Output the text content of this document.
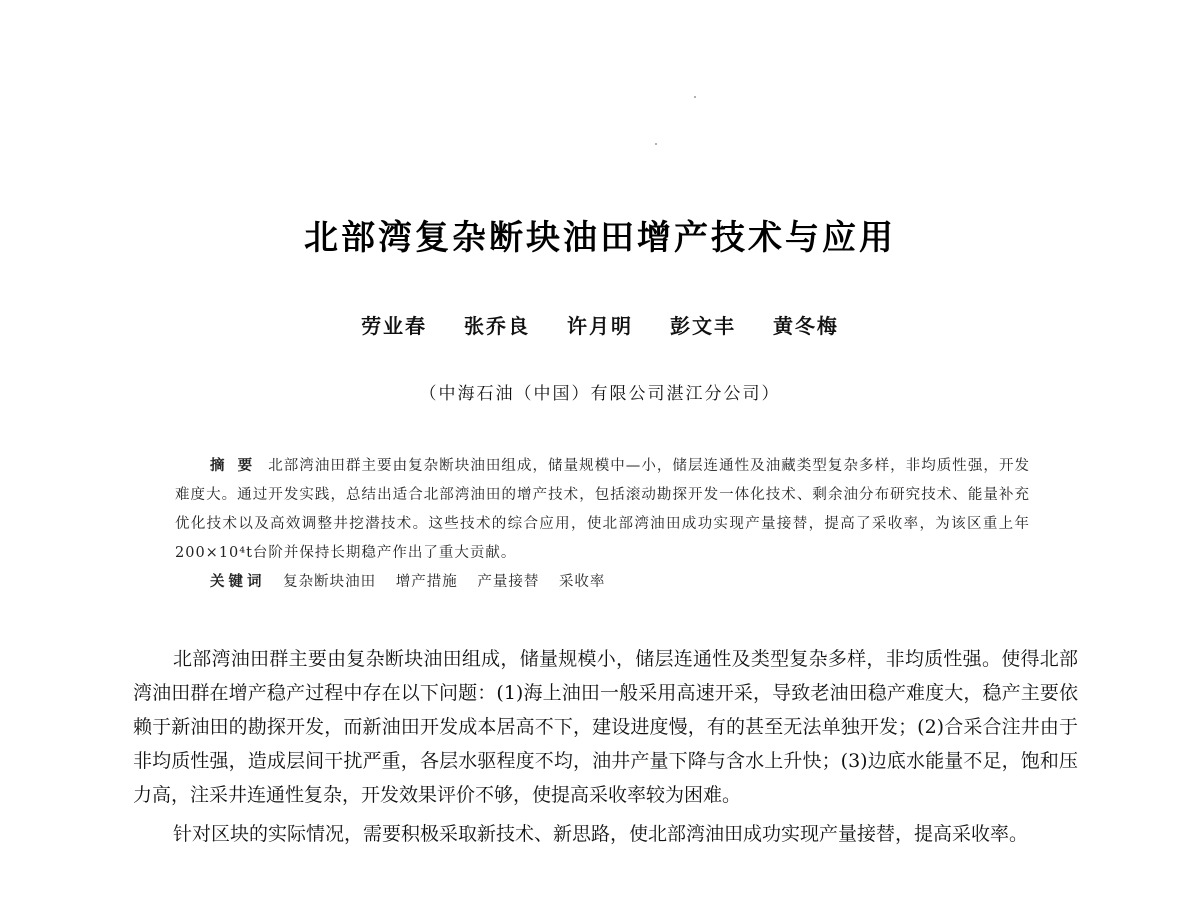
北部湾复杂断块油田增产技术与应用
劳业春 张乔良 许月明 彭文丰 黄冬梅
（中海石油（中国）有限公司湛江分公司）

摘 要 北部湾油田群主要由复杂断块油田组成，储量规模中—小，储层连通性及油藏类型复杂多样，非均质性强，开发难度大。通过开发实践，总结出适合北部湾油田的增产技术，包括滚动勘探开发一体化技术、剩余油分布研究技术、能量补充优化技术以及高效调整井挖潜技术。这些技术的综合应用，使北部湾油田成功实现产量接替，提高了采收率，为该区重上年200×10⁴t台阶并保持长期稳产作出了重大贡献。

关键词 复杂断块油田 增产措施 产量接替 采收率

北部湾油田群主要由复杂断块油田组成，储量规模小，储层连通性及类型复杂多样，非均质性强。使得北部湾油田群在增产稳产过程中存在以下问题：(1)海上油田一般采用高速开采，导致老油田稳产难度大，稳产主要依赖于新油田的勘探开发，而新油田开发成本居高不下，建设进度慢，有的甚至无法单独开发；(2)合采合注井由于非均质性强，造成层间干扰严重，各层水驱程度不均，油井产量下降与含水上升快；(3)边底水能量不足，饱和压力高，注采井连通性复杂，开发效果评价不够，使提高采收率较为困难。

针对区块的实际情况，需要积极采取新技术、新思路，使北部湾油田成功实现产量接替，提高采收率。
